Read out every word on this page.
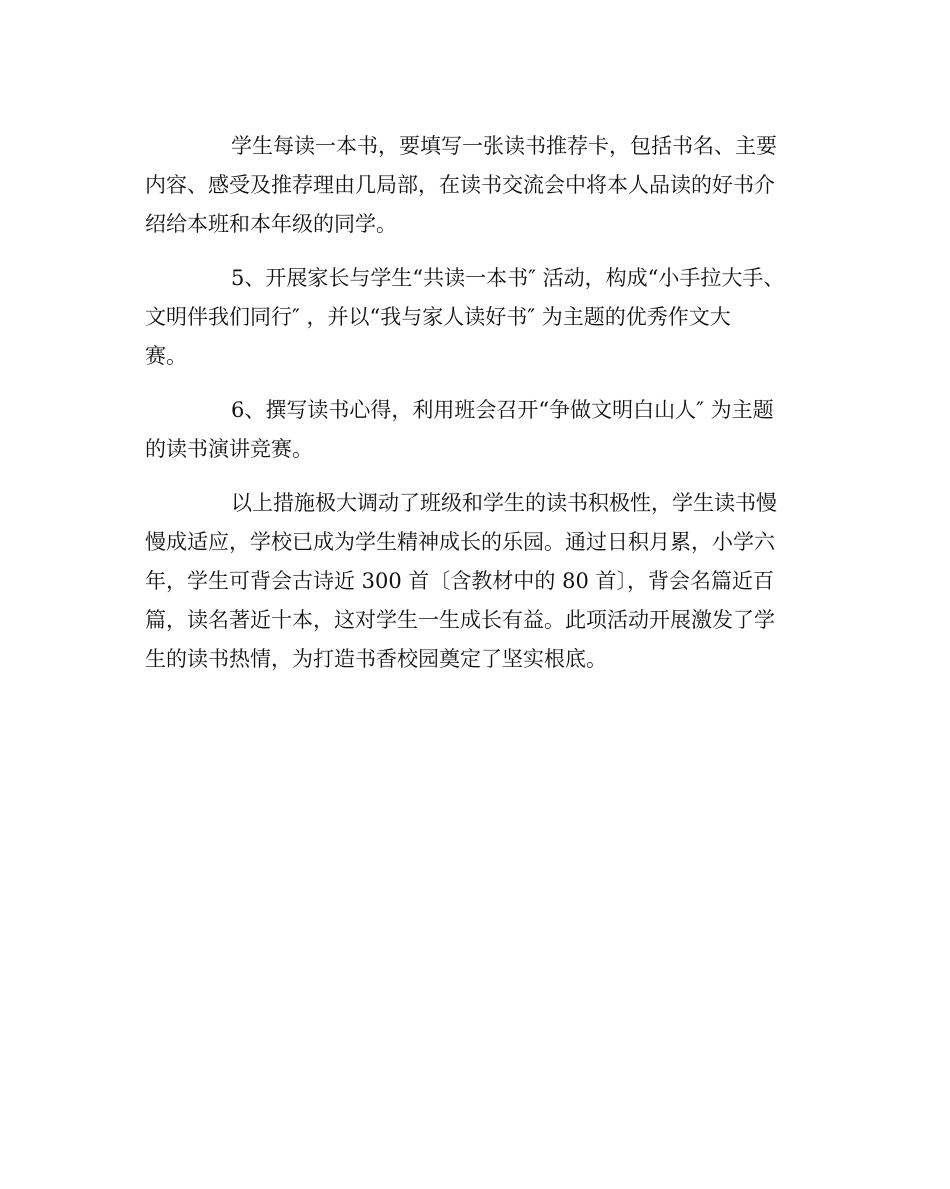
学生每读一本书，要填写一张读书推荐卡，包括书名、主要
内容、感受及推荐理由几局部，在读书交流会中将本人品读的好书介
绍给本班和本年级的同学。
5、开展家长与学生“共读一本书″ 活动，构成“小手拉大手、
文明伴我们同行″ ，并以“我与家人读好书″ 为主题的优秀作文大
赛。
6、撰写读书心得，利用班会召开“争做文明白山人″ 为主题
的读书演讲竞赛。
以上措施极大调动了班级和学生的读书积极性，学生读书慢
慢成适应，学校已成为学生精神成长的乐园。通过日积月累，小学六
年，学生可背会古诗近 300 首〔含教材中的 80 首〕，背会名篇近百
篇，读名著近十本，这对学生一生成长有益。此项活动开展激发了学
生的读书热情，为打造书香校园奠定了坚实根底。
